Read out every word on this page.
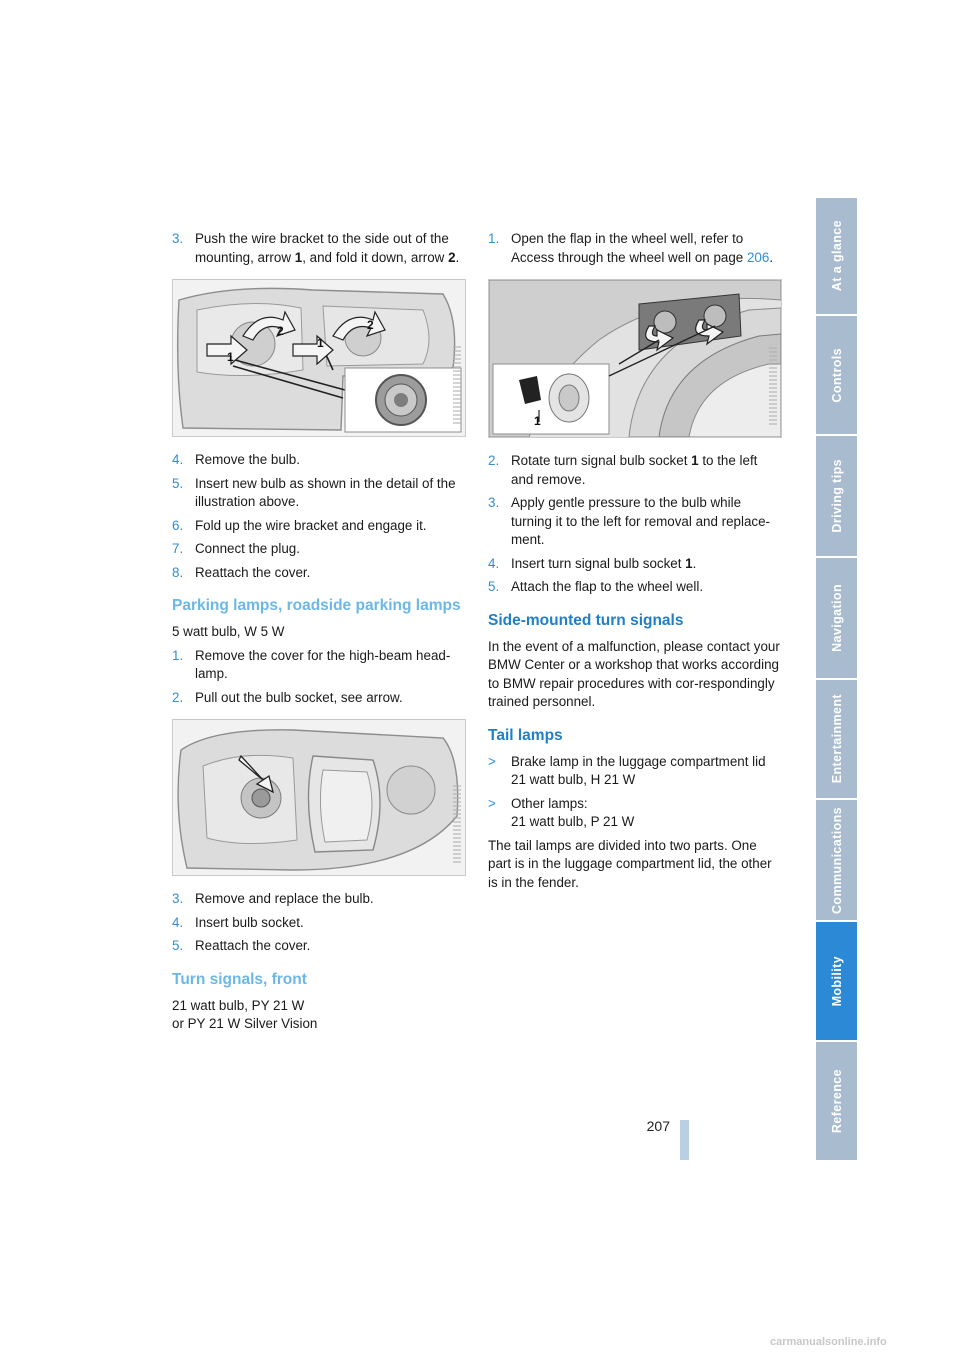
3. Push the wire bracket to the side out of the mounting, arrow 1, and fold it down, arrow 2.
1
2
1
2
4. Remove the bulb.
5. Insert new bulb as shown in the detail of the illustration above.
6. Fold up the wire bracket and engage it.
7. Connect the plug.
8. Reattach the cover.
Parking lamps, roadside parking lamps

5 watt bulb, W 5 W

1. Remove the cover for the high-beam head-lamp.
2. Pull out the bulb socket, see arrow.
3. Remove and replace the bulb.
4. Insert bulb socket.
5. Reattach the cover.
Turn signals, front

21 watt bulb, PY 21 W

or PY 21 W Silver Vision

1. Open the flap in the wheel well, refer to Access through the wheel well on page 206.
1
2. Rotate turn signal bulb socket 1 to the left and remove.
3. Apply gentle pressure to the bulb while turning it to the left for removal and replace-ment.
4. Insert turn signal bulb socket 1.
5. Attach the flap to the wheel well.
Side-mounted turn signals

In the event of a malfunction, please contact your BMW Center or a workshop that works according to BMW repair procedures with cor-respondingly trained personnel.

Tail lamps
> Brake lamp in the luggage compartment lid
21 watt bulb, H 21 W
> Other lamps:
21 watt bulb, P 21 W

The tail lamps are divided into two parts. One part is in the luggage compartment lid, the other is in the fender.

At a glance
Controls
Driving tips
Navigation
Entertainment
Communications
Mobility
Reference
207
carmanualsonline.info
